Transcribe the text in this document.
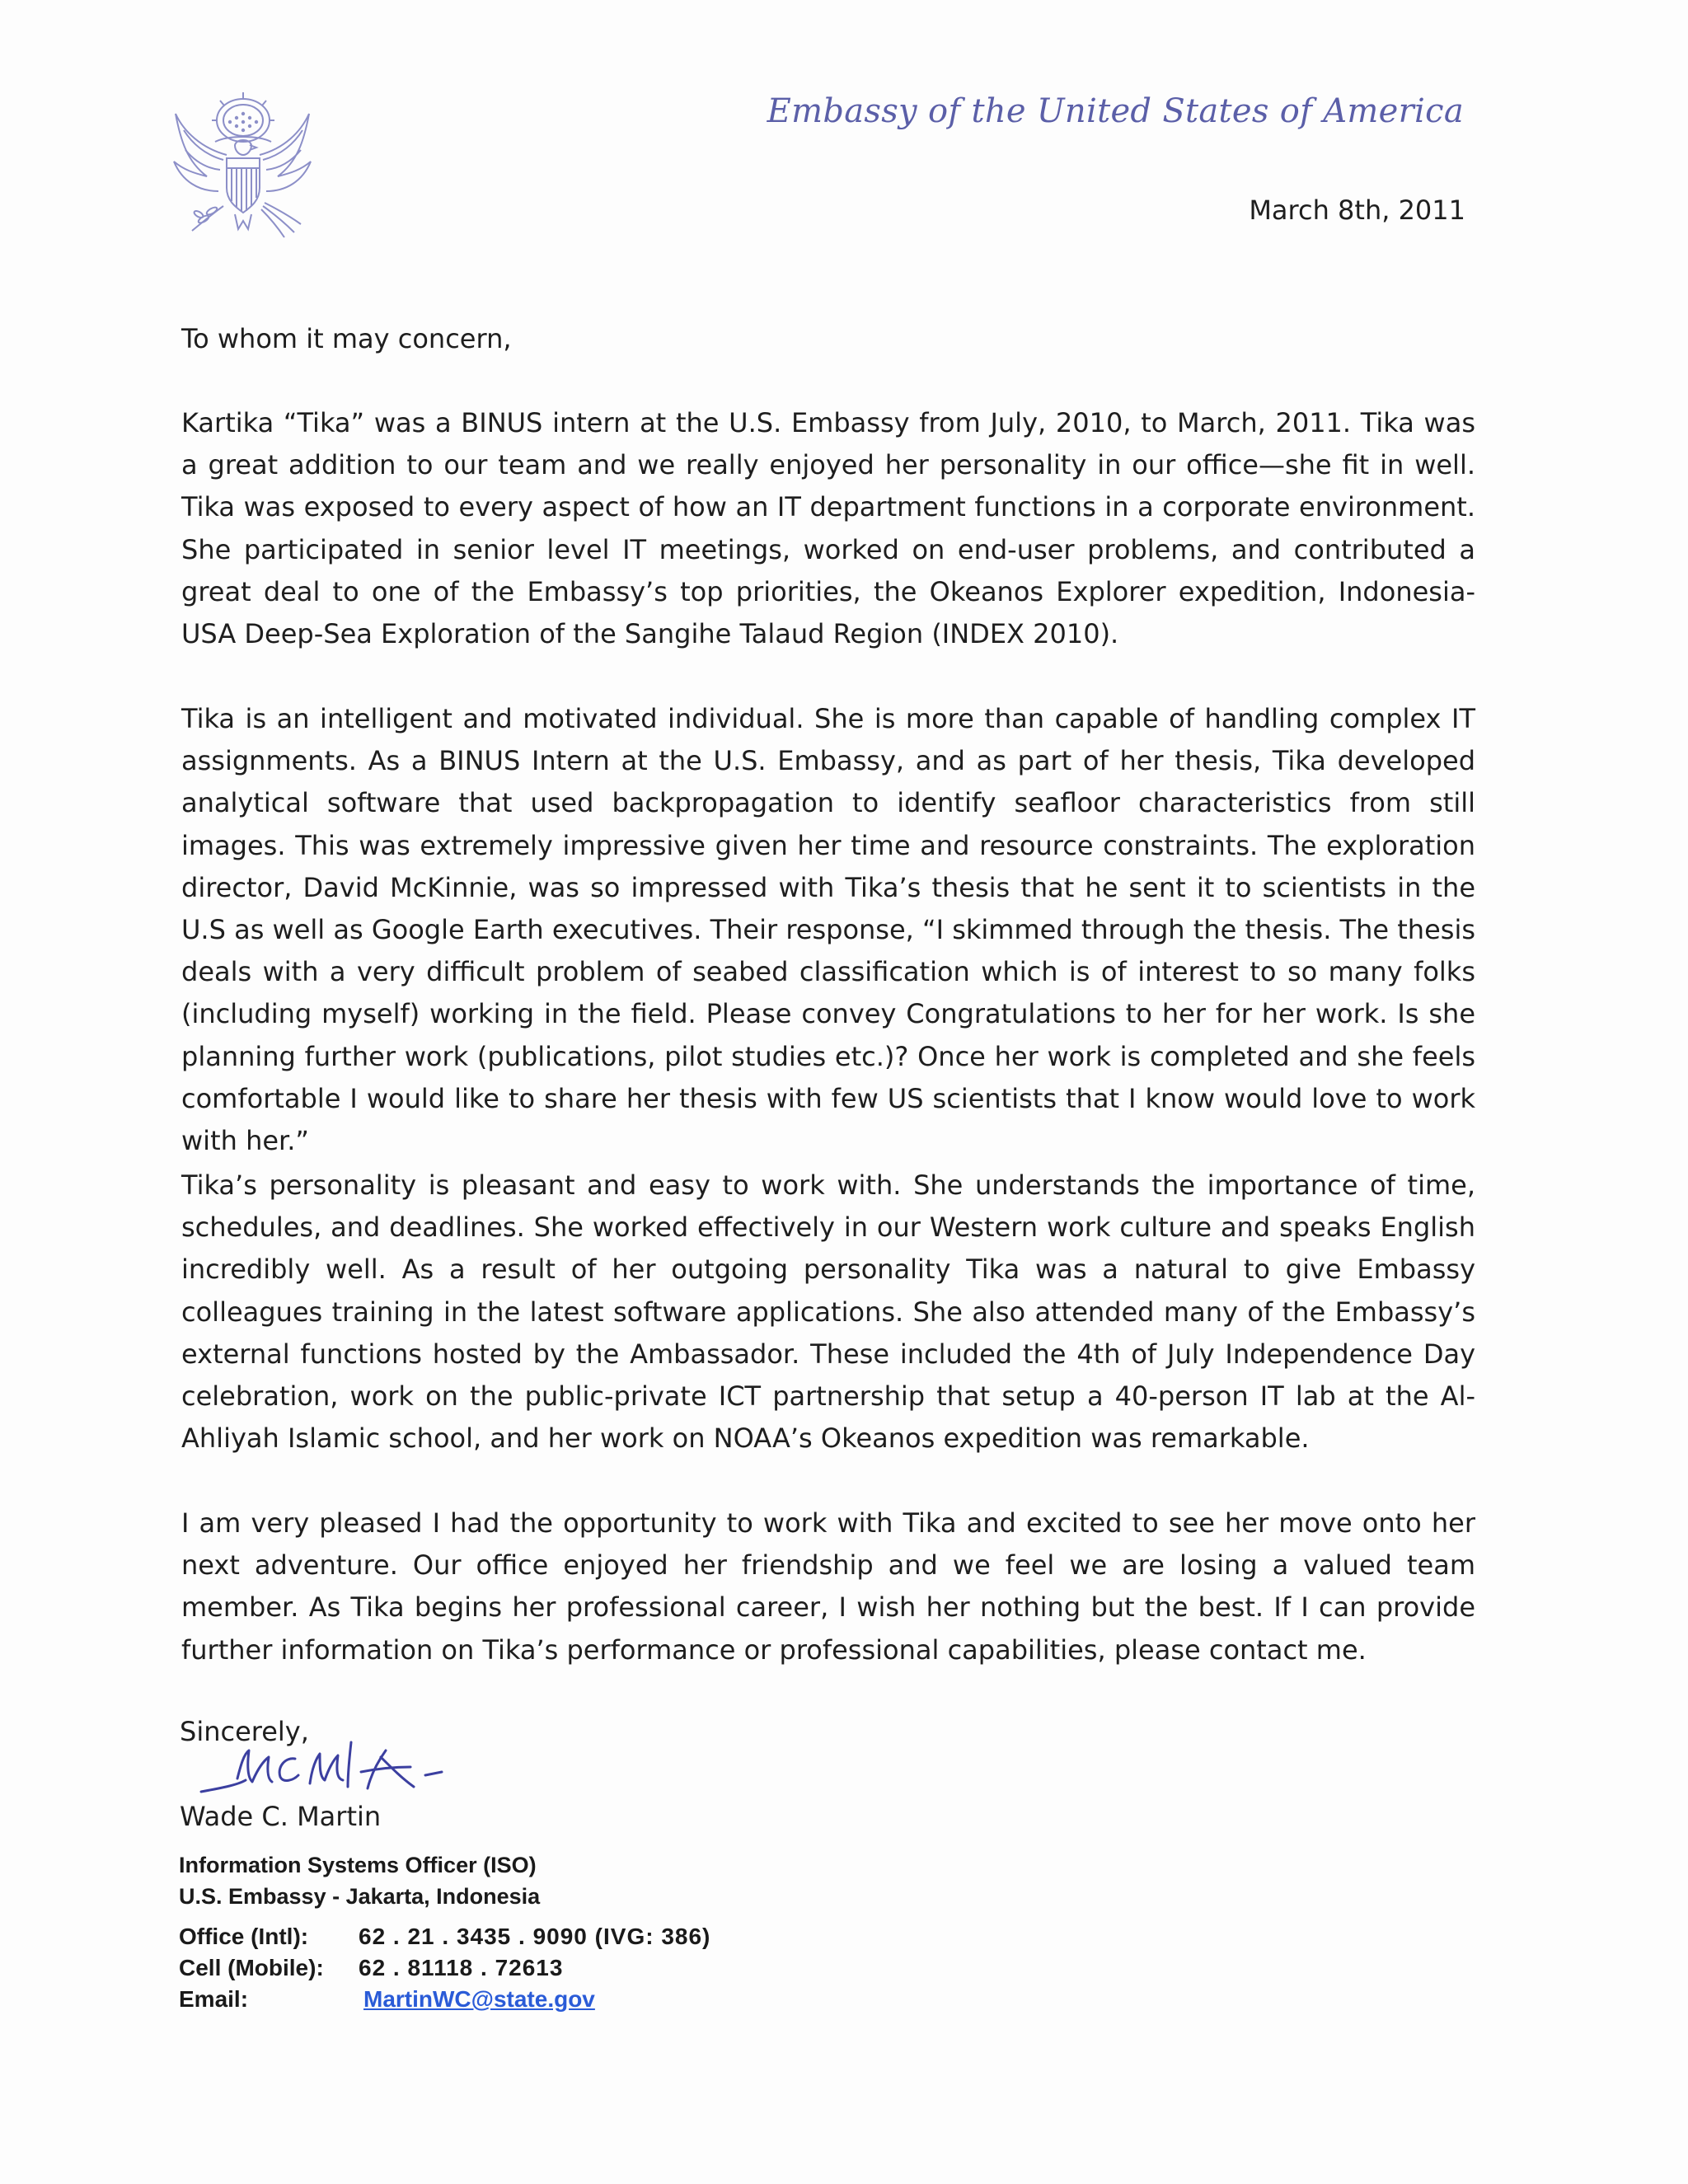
Embassy of the United States of America
March 8th, 2011

To whom it may concern,

Kartika “Tika” was a BINUS intern at the U.S. Embassy from July, 2010, to March, 2011. Tika was a great addition to our team and we really enjoyed her personality in our office—she fit in well. Tika was exposed to every aspect of how an IT department functions in a corporate environment. She participated in senior level IT meetings, worked on end-user problems, and contributed a great deal to one of the Embassy’s top priorities, the Okeanos Explorer expedition, Indonesia-USA Deep-Sea Exploration of the Sangihe Talaud Region (INDEX 2010).

Tika is an intelligent and motivated individual. She is more than capable of handling complex IT assignments. As a BINUS Intern at the U.S. Embassy, and as part of her thesis, Tika developed analytical software that used backpropagation to identify seafloor characteristics from still images. This was extremely impressive given her time and resource constraints. The exploration director, David McKinnie, was so impressed with Tika’s thesis that he sent it to scientists in the U.S as well as Google Earth executives. Their response, “I skimmed through the thesis. The thesis deals with a very difficult problem of seabed classification which is of interest to so many folks (including myself) working in the field. Please convey Congratulations to her for her work. Is she planning further work (publications, pilot studies etc.)? Once her work is completed and she feels comfortable I would like to share her thesis with few US scientists that I know would love to work with her.”

Tika’s personality is pleasant and easy to work with. She understands the importance of time, schedules, and deadlines. She worked effectively in our Western work culture and speaks English incredibly well. As a result of her outgoing personality Tika was a natural to give Embassy colleagues training in the latest software applications. She also attended many of the Embassy’s external functions hosted by the Ambassador. These included the 4th of July Independence Day celebration, work on the public-private ICT partnership that setup a 40-person IT lab at the Al-Ahliyah Islamic school, and her work on NOAA’s Okeanos expedition was remarkable.

I am very pleased I had the opportunity to work with Tika and excited to see her move onto her next adventure. Our office enjoyed her friendship and we feel we are losing a valued team member. As Tika begins her professional career, I wish her nothing but the best. If I can provide further information on Tika’s performance or professional capabilities, please contact me.

Sincerely,
Wade C. Martin
Information Systems Officer (ISO)
U.S. Embassy - Jakarta, Indonesia
Office (Intl): 62 . 21 . 3435 . 9090 (IVG: 386)
Cell (Mobile): 62 . 81118 . 72613
Email:	MartinWC@state.gov
